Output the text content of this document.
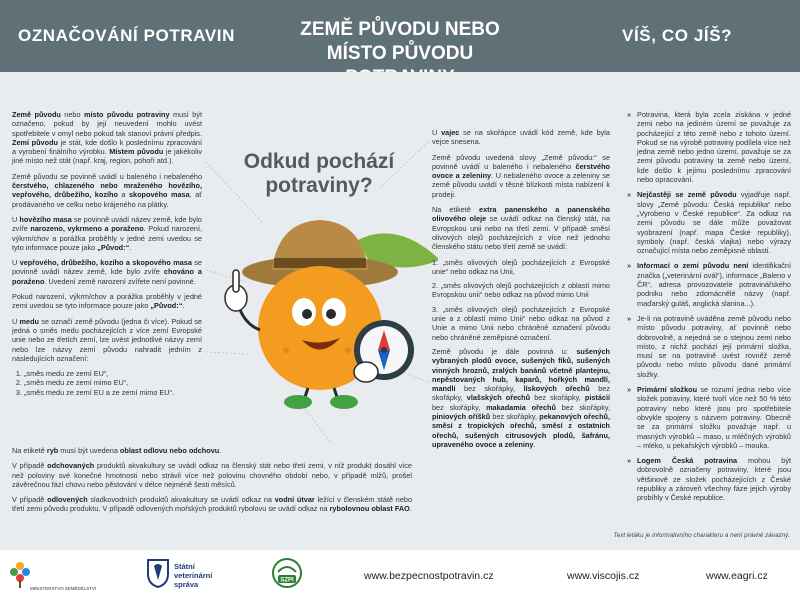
OZNAČOVÁNÍ POTRAVIN	VÍŠ, CO JÍŠ?
ZEMĚ PŮVODU NEBO
MÍSTO PŮVODU

Země původu nebo místo původu potraviny musí být označeno, pokud by její neuvedení mohlo uvést spotřebitele v omyl nebo pokud tak stanoví právní předpis. Zemí původu je stát, kde došlo k poslednímu zpracování a vyrobení finálního výrobku. Místem původu je jakékoliv jiné místo než stát (např. kraj, region, pohoří atd.).

Země původu se povinně uvádí u baleného i nebaleného čerstvého, chlazeného nebo mraženého hovězího, vepřového, drůbežího, kozího a skopového masa, ať prodávaného ve celku nebo krájeného na plátky.

U hovězího masa se povinně uvádí název země, kde bylo zvíře narozeno, vykrmeno a poraženo. Pokud narození, výkrm/chov a porážka proběhly v jedné zemi uvedou se tyto informace pouze jako „Původ:“.

U vepřového, drůbežího, kozího a skopového masa se povinně uvádí název země, kde bylo zvíře chováno a poraženo. Uvedení země narození zvířete není povinné.

Pokud narození, výkrm/chov a porážka proběhly v jedné zemi uvedou se tyto informace pouze jako „Původ:“.

U medu se označí země původu (jedna či více). Pokud se jedná o směs medu pocházejících z více zemí Evropské unie nebo ze třetích zemí, lze uvést jednotlivé názvy zemí nebo lze názvy zemí původu nahradit jedním z následujících označení:

1. „směs medu ze zemí EU“,
2. „směs medu ze zemí mimo EU“,
3. „směs medu ze zemí EU a ze zemí mimo EU“.

Na etiketě ryb musí být uvedena oblast odlovu nebo odchovu.

V případě odchovaných produktů akvakultury se uvádí odkaz na členský stát nebo třetí zemi, v níž produkt dosáhl více než poloviny své konečné hmotnosti nebo strávil více než polovinu chovného období nebo, v případě mlžů, prošel závěrečnou fází chovu nebo pěstování v délce nejméně šesti měsíců.

V případě odlovených sladkovodních produktů akvakultury se uvádí odkaz na vodní útvar ležící v členském státě nebo třetí zemi původu produktu. V případě odlovených mořských produktů rybolovu se uvádí odkaz na rybolovnou oblast FAO.

Odkud pochází
potraviny?

U vajec se na skořápce uvádí kód země, kde byla vejce snesena.

Země původu uvedená slovy „Země původu:“ se povinně uvádí u baleného i nebaleného čerstvého ovoce a zeleniny. U nebaleného ovoce a zeleniny se země původu uvádí v těsné blízkosti místa nabízení k prodeji.

Na etiketě extra panenského a panenského olivového oleje se uvádí odkaz na členský stát, na Evropskou unii nebo na třetí zemi. V případě směsí olivových olejů pocházejících z více než jednoho členského státu nebo třetí země se uvádí:

1. „směs olivových olejů pocházejících z Evropské unie“ nebo odkaz na Unii,
2. „směs olivových olejů pocházejících z oblastí mimo Evropskou unii“ nebo odkaz na původ mimo Unii
3. „směs olivových olejů pocházejících z Evropské unie a z oblastí mimo Unii“ nebo odkaz na původ z Unie a mimo Unii nebo chráněné označení původu nebo chráněné zeměpisné označení.

Země původu je dále povinná u: sušených vybraných plodů ovoce, sušených fíků, sušených vinných hroznů, zralých banánů včetně plantejnu, nepěstovaných hub, kaparů, hořkých mandlí, mandlí bez skořápky, lískových ořechů bez skořápky, vlašských ořechů bez skořápky, pistácií bez skořápky, makadamia ořechů bez skořápky, piniových oříšků bez skořápky, pekanových ořechů, směsí z tropických ořechů, směsí z ostatních ořechů, sušených citrusových plodů, šafránu, upraveného ovoce a zeleniny.

» Potravina, která byla zcela získána v jedné zemi nebo na jediném území se považuje za pocházející z této země nebo z tohoto území. Pokud se na výrobě potraviny podílela více než jedna země nebo jedno území, považuje se za zemi původu potraviny ta země nebo území, kde došlo k jejímu poslednímu zpracování nebo opracování.
» Nejčastěji se země původu vyjadřuje např. slovy „Země původu: Česká republika“ nebo „Vyrobeno v České republice“. Za odkaz na zemi původu se dále může považovat vyobrazení (např. mapa České republiky), symboly (např. česká vlajka) nebo výrazy označující místa nebo zeměpisné oblasti.
» Informací o zemi původu není identifikační značka („veterinární ovál“), informace „Baleno v ČR“, adresa provozovatele potravinářského podniku nebo zdomácnělé názvy (např. maďarský guláš, anglická slanina...).
» Je-li na potravině uváděna země původu nebo místo původu potraviny, ať povinně nebo dobrovolně, a nejedná se o stejnou zemi nebo místo, z nichž pochází její primární složka, musí se na potravině uvést rovněž země původu nebo místo původu dané primární složky.
» Primární složkou se rozumí jedna nebo více složek potraviny, které tvoří více než 50 % této potraviny nebo které jsou pro spotřebitele obvykle spojeny s názvem potraviny. Obecně se za primární složku považuje např. u masných výrobků – maso, u mléčných výrobků – mléko, u pekařských výrobků – mouka.
» Logem Česká potravina mohou být dobrovolně označeny potraviny, které jsou většinově ze složek pocházejících z České republiky a zároveň všechny fáze jejich výroby probíhly v České republice.
Text letáku je informativního charakteru a není právně závazný.
MINISTERSTVO ZEMĚDĚLSTVÍ
Státní
veterinární
správa	SZPI	www.bezpecnostpotravin.cz	www.viscojis.cz	www.eagri.cz
